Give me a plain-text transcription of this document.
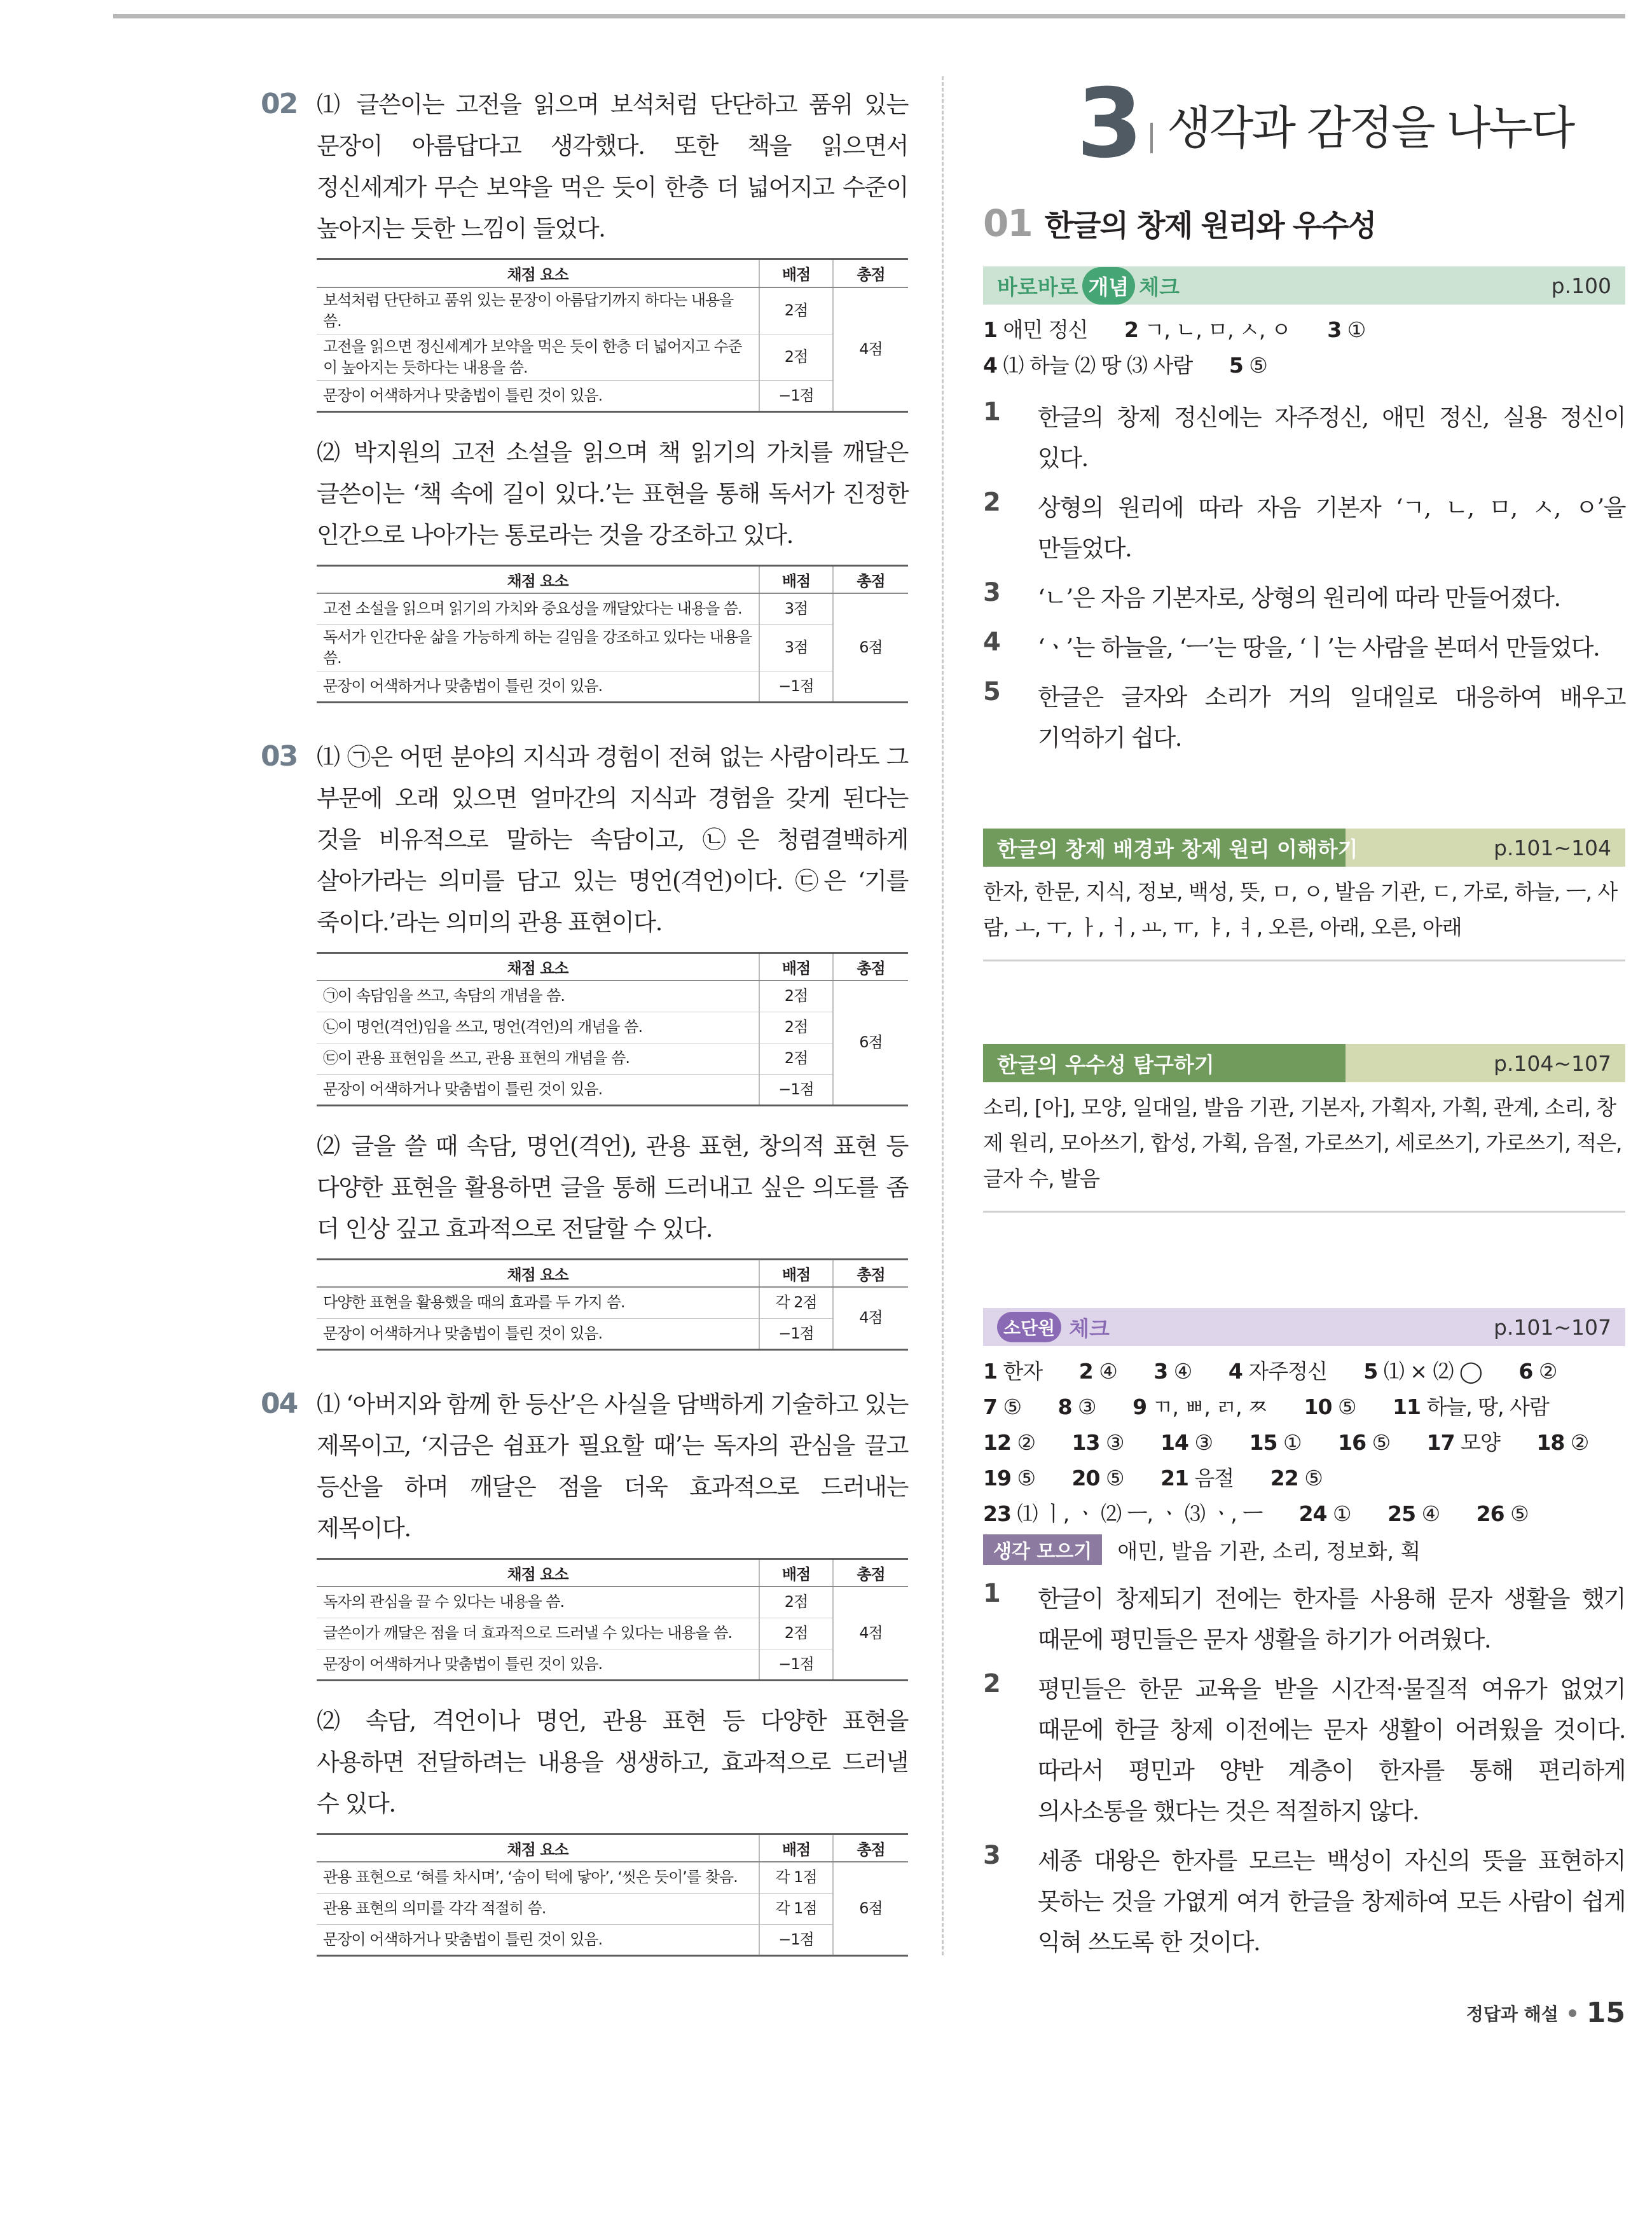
02 ⑴ 글쓴이는 고전을 읽으며 보석처럼 단단하고 품위 있는 문장이 아름답다고 생각했다. 또한 책을 읽으면서 정신세계가 무슨 보약을 먹은 듯이 한층 더 넓어지고 수준이 높아지는 듯한 느낌이 들었다.

채점 요소	배점	총점
보석처럼 단단하고 품위 있는 문장이 아름답기까지 하다는 내용을 씀.	2점	4점
고전을 읽으면 정신세계가 보약을 먹은 듯이 한층 더 넓어지고 수준이 높아지는 듯하다는 내용을 씀.	2점	
문장이 어색하거나 맞춤법이 틀린 것이 있음.	−1점	

⑵ 박지원의 고전 소설을 읽으며 책 읽기의 가치를 깨달은 글쓴이는 ‘책 속에 길이 있다.’는 표현을 통해 독서가 진정한 인간으로 나아가는 통로라는 것을 강조하고 있다.

채점 요소	배점	총점
고전 소설을 읽으며 읽기의 가치와 중요성을 깨달았다는 내용을 씀.	3점	6점
독서가 인간다운 삶을 가능하게 하는 길임을 강조하고 있다는 내용을 씀.	3점	
문장이 어색하거나 맞춤법이 틀린 것이 있음.	−1점	
03 ⑴ ㉠은 어떤 분야의 지식과 경험이 전혀 없는 사람이라도 그 부문에 오래 있으면 얼마간의 지식과 경험을 갖게 된다는 것을 비유적으로 말하는 속담이고, ㉡은 청렴결백하게 살아가라는 의미를 담고 있는 명언(격언)이다. ㉢은 ‘기를 죽이다.’라는 의미의 관용 표현이다.

채점 요소	배점	총점
㉠이 속담임을 쓰고, 속담의 개념을 씀.	2점	6점
㉡이 명언(격언)임을 쓰고, 명언(격언)의 개념을 씀.	2점	
㉢이 관용 표현임을 쓰고, 관용 표현의 개념을 씀.	2점	
문장이 어색하거나 맞춤법이 틀린 것이 있음.	−1점	

⑵ 글을 쓸 때 속담, 명언(격언), 관용 표현, 창의적 표현 등 다양한 표현을 활용하면 글을 통해 드러내고 싶은 의도를 좀 더 인상 깊고 효과적으로 전달할 수 있다.

채점 요소	배점	총점
다양한 표현을 활용했을 때의 효과를 두 가지 씀.	각 2점	4점
문장이 어색하거나 맞춤법이 틀린 것이 있음.	−1점	
04 ⑴ ‘아버지와 함께 한 등산’은 사실을 담백하게 기술하고 있는 제목이고, ‘지금은 쉼표가 필요할 때’는 독자의 관심을 끌고 등산을 하며 깨달은 점을 더욱 효과적으로 드러내는 제목이다.

채점 요소	배점	총점
독자의 관심을 끌 수 있다는 내용을 씀.	2점	4점
글쓴이가 깨달은 점을 더 효과적으로 드러낼 수 있다는 내용을 씀.	2점	
문장이 어색하거나 맞춤법이 틀린 것이 있음.	−1점	

⑵ 속담, 격언이나 명언, 관용 표현 등 다양한 표현을 사용하면 전달하려는 내용을 생생하고, 효과적으로 드러낼 수 있다.

채점 요소	배점	총점
관용 표현으로 ‘혀를 차시며’, ‘숨이 턱에 닿아’, ‘씻은 듯이’를 찾음.	각 1점	6점
관용 표현의 의미를 각각 적절히 씀.	각 1점	
문장이 어색하거나 맞춤법이 틀린 것이 있음.	−1점	
3 생각과 감정을 나누다
01 한글의 창제 원리와 우수성
바로바로 개념 체크	p.100
1 애민 정신 2 ㄱ, ㄴ, ㅁ, ㅅ, ㅇ 3 ① 4 ⑴ 하늘 ⑵ 땅 ⑶ 사람 5 ⑤
1	한글의 창제 정신에는 자주정신, 애민 정신, 실용 정신이 있다.
2	상형의 원리에 따라 자음 기본자 ‘ㄱ, ㄴ, ㅁ, ㅅ, ㅇ’을 만들었다.
3	‘ㄴ’은 자음 기본자로, 상형의 원리에 따라 만들어졌다.
4	‘ㆍ’는 하늘을, ‘ㅡ’는 땅을, ‘ㅣ’는 사람을 본떠서 만들었다.
5	한글은 글자와 소리가 거의 일대일로 대응하여 배우고 기억하기 쉽다.
한글의 창제 배경과 창제 원리 이해하기	p.101~104
한자, 한문, 지식, 정보, 백성, 뜻, ㅁ, ㅇ, 발음 기관, ㄷ, 가로, 하늘, ㅡ, 사람, ㅗ, ㅜ, ㅏ, ㅓ, ㅛ, ㅠ, ㅑ, ㅕ, 오른, 아래, 오른, 아래
한글의 우수성 탐구하기	p.104~107
소리, [아], 모양, 일대일, 발음 기관, 기본자, 가획자, 가획, 관계, 소리, 창제 원리, 모아쓰기, 합성, 가획, 음절, 가로쓰기, 세로쓰기, 가로쓰기, 적은, 글자 수, 발음
소단원 체크	p.101~107
1 한자 2 ④ 3 ④ 4 자주정신 5 ⑴ × ⑵ ◯ 6 ② 7 ⑤ 8 ③ 9 ㄲ, ㅃ, ㄺ, ㅉ 10 ⑤ 11 하늘, 땅, 사람 12 ② 13 ③ 14 ③ 15 ① 16 ⑤ 17 모양 18 ② 19 ⑤ 20 ⑤ 21 음절 22 ⑤ 23 ⑴ ㅣ, ㆍ ⑵ ㅡ, ㆍ ⑶ ㆍ, ㅡ 24 ① 25 ④ 26 ⑤
생각 모으기	애민, 발음 기관, 소리, 정보화, 획
1	한글이 창제되기 전에는 한자를 사용해 문자 생활을 했기 때문에 평민들은 문자 생활을 하기가 어려웠다.
2	평민들은 한문 교육을 받을 시간적·물질적 여유가 없었기 때문에 한글 창제 이전에는 문자 생활이 어려웠을 것이다. 따라서 평민과 양반 계층이 한자를 통해 편리하게 의사소통을 했다는 것은 적절하지 않다.
3	세종 대왕은 한자를 모르는 백성이 자신의 뜻을 표현하지 못하는 것을 가엾게 여겨 한글을 창제하여 모든 사람이 쉽게 익혀 쓰도록 한 것이다.
정답과 해설 15
